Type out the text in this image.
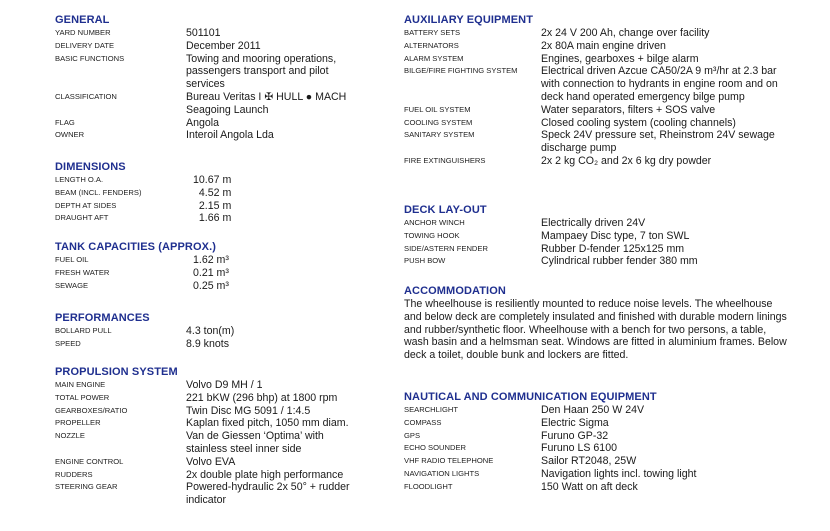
GENERAL
YARD NUMBER	501101
DELIVERY DATE	December 2011
BASIC FUNCTIONS	Towing and mooring operations, passengers transport and pilot services
CLASSIFICATION	Bureau Veritas I ✠ HULL ● MACH Seagoing Launch
FLAG	Angola
OWNER	Interoil Angola Lda
DIMENSIONS
LENGTH O.A.	10.67 m
BEAM (INCL. FENDERS)	4.52 m
DEPTH AT SIDES	2.15 m
DRAUGHT AFT	1.66 m
TANK CAPACITIES (APPROX.)
FUEL OIL	1.62 m³
FRESH WATER	0.21 m³
SEWAGE	0.25 m³
PERFORMANCES
BOLLARD PULL	4.3 ton(m)
SPEED	8.9 knots
PROPULSION SYSTEM
MAIN ENGINE	Volvo D9 MH / 1
TOTAL POWER	221 bKW (296 bhp) at 1800 rpm
GEARBOXES/RATIO	Twin Disc MG 5091 / 1:4.5
PROPELLER	Kaplan fixed pitch, 1050 mm diam.
NOZZLE	Van de Giessen ‘Optima’ with stainless steel inner side
ENGINE CONTROL	Volvo EVA
RUDDERS	2x double plate high performance
STEERING GEAR	Powered-hydraulic 2x 50° + rudder indicator
AUXILIARY EQUIPMENT
BATTERY SETS	2x 24 V 200 Ah, change over facility
ALTERNATORS	2x 80A main engine driven
ALARM SYSTEM	Engines, gearboxes + bilge alarm
BILGE/FIRE FIGHTING SYSTEM	Electrical driven Azcue CA50/2A 9 m³/hr at 2.3 bar with connection to hydrants in engine room and on deck hand operated emergency bilge pump
FUEL OIL SYSTEM	Water separators, filters + SOS valve
COOLING SYSTEM	Closed cooling system (cooling channels)
SANITARY SYSTEM	Speck 24V pressure set, Rheinstrom 24V sewage discharge pump
FIRE EXTINGUISHERS	2x 2 kg CO₂ and 2x 6 kg dry powder
DECK LAY-OUT
ANCHOR WINCH	Electrically driven 24V
TOWING HOOK	Mampaey Disc type, 7 ton SWL
SIDE/ASTERN FENDER	Rubber D-fender 125x125 mm
PUSH BOW	Cylindrical rubber fender 380 mm
ACCOMMODATION
The wheelhouse is resiliently mounted to reduce noise levels. The wheelhouse and below deck are completely insulated and finished with durable modern linings and rubber/synthetic floor. Wheelhouse with a bench for two persons, a table, wash basin and a helmsman seat. Windows are fitted in aluminium frames. Below deck a toilet, double bunk and lockers are fitted.
NAUTICAL AND COMMUNICATION EQUIPMENT
SEARCHLIGHT	Den Haan 250 W 24V
COMPASS	Electric Sigma
GPS	Furuno GP-32
ECHO SOUNDER	Furuno LS 6100
VHF RADIO TELEPHONE	Sailor RT2048, 25W
NAVIGATION LIGHTS	Navigation lights incl. towing light
FLOODLIGHT	150 Watt on aft deck
